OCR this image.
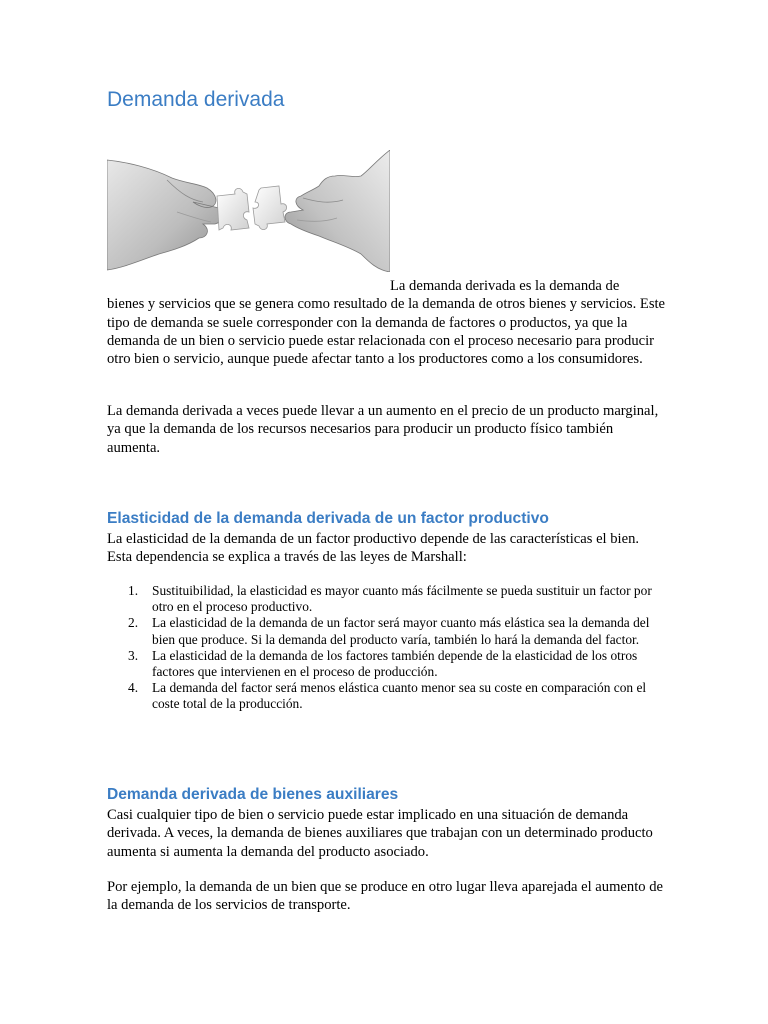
Demanda derivada

La demanda derivada es la demanda de
bienes y servicios que se genera como resultado de la demanda de otros bienes y servicios. Este tipo de demanda se suele corresponder con la demanda de factores o productos, ya que la demanda de un bien o servicio puede estar relacionada con el proceso necesario para producir otro bien o servicio, aunque puede afectar tanto a los productores como a los consumidores.

La demanda derivada a veces puede llevar a un aumento en el precio de un producto marginal, ya que la demanda de los recursos necesarios para producir un producto físico también aumenta.

Elasticidad de la demanda derivada de un factor productivo

La elasticidad de la demanda de un factor productivo depende de las características el bien. Esta dependencia se explica a través de las leyes de Marshall:

1. Sustituibilidad, la elasticidad es mayor cuanto más fácilmente se pueda sustituir un factor por otro en el proceso productivo.
2. La elasticidad de la demanda de un factor será mayor cuanto más elástica sea la demanda del bien que produce. Si la demanda del producto varía, también lo hará la demanda del factor.
3. La elasticidad de la demanda de los factores también depende de la elasticidad de los otros factores que intervienen en el proceso de producción.
4. La demanda del factor será menos elástica cuanto menor sea su coste en comparación con el coste total de la producción.
Demanda derivada de bienes auxiliares

Casi cualquier tipo de bien o servicio puede estar implicado en una situación de demanda derivada. A veces, la demanda de bienes auxiliares que trabajan con un determinado producto aumenta si aumenta la demanda del producto asociado.

Por ejemplo, la demanda de un bien que se produce en otro lugar lleva aparejada el aumento de la demanda de los servicios de transporte.
